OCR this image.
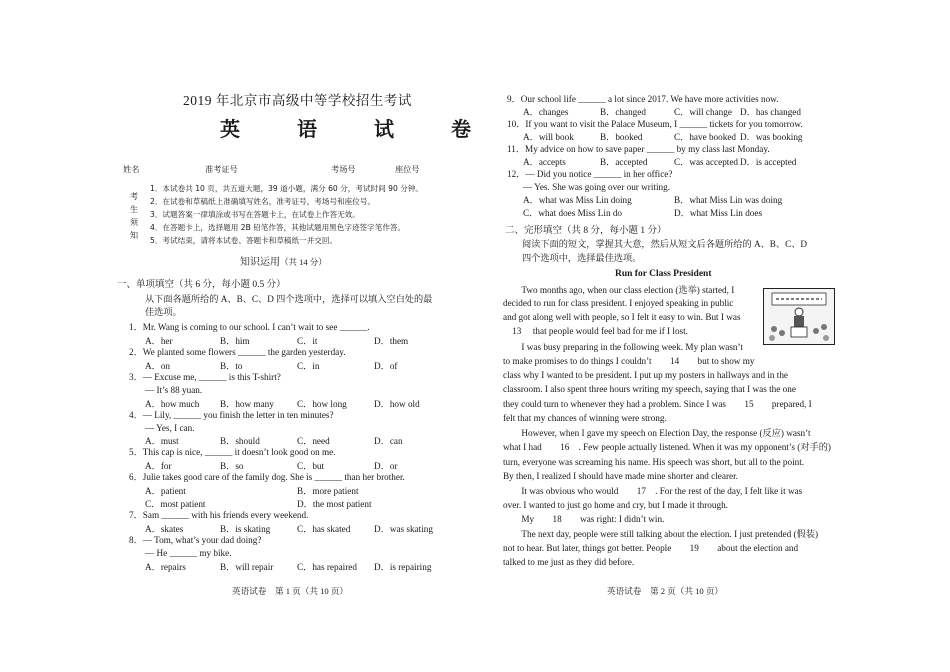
2019 年北京市高级中等学校招生考试
英 语 试 卷
姓名	准考证号	考场号	座位号
考生须知
1．本试卷共 10 页，共五道大题，39 道小题，满分 60 分，考试时间 90 分钟。
2．在试卷和草稿纸上准确填写姓名，准考证号，考场号和座位号。
3．试题答案一律填涂或书写在答题卡上，在试卷上作答无效。
4．在答题卡上，选择题用 2B 铅笔作答，其他试题用黑色字迹签字笔作答。
5．考试结束，请将本试卷、答题卡和草稿纸一并交回。
知识运用（共 14 分）
一、单项填空（共 6 分，每小题 0.5 分）
从下面各题所给的 A、B、C、D 四个选项中，选择可以填入空白处的最
佳选项。
1．Mr. Wang is coming to our school. I can’t wait to see ______.
A．her	B．him	C．it	D．them
2．We planted some flowers ______ the garden yesterday.
A．on	B．to	C．in	D．of
3．— Excuse me, ______ is this T-shirt?
— It’s 88 yuan.
A．how much B．how many	C．how long	D．how old
4．— Lily, ______ you finish the letter in ten minutes?
— Yes, I can.
A．must	B．should	C．need	D．can
5．This cap is nice, ______ it doesn’t look good on me.
A．for	B．so	C．but	D．or
6．Julie takes good care of the family dog. She is ______ than her brother.
A．patient	B．more patient
C．most patient	D．the most patient
7．Sam ______ with his friends every weekend.
A．skates	B．is skating	C．has skated	D．was skating
8．— Tom, what’s your dad doing?
— He ______ my bike.
A．repairs	B．will repair	C．has repaired D．is repairing
英语试卷　第 1 页（共 10 页）
9．Our school life ______ a lot since 2017. We have more activities now.
A．changes	B．changed	C．will change D．has changed
10．If you want to visit the Palace Museum, I ______ tickets for you tomorrow.
A．will book	B．booked	C．have booked D．was booking
11．My advice on how to save paper ______ by my class last Monday.
A．accepts	B．accepted	C．was accepted D．is accepted
12．— Did you notice ______ in her office?
— Yes. She was going over our writing.
A．what was Miss Lin doing	B．what Miss Lin was doing
C．what does Miss Lin do	D．what Miss Lin does
二、完形填空（共 8 分，每小题 1 分）
阅读下面的短文，掌握其大意，然后从短文后各题所给的 A、B、C、D
四个选项中，选择最佳选项。
Run for Class President
　　Two months ago, when our class election (选举) started, I
decided to run for class president. I enjoyed speaking in public
and got along well with people, so I felt it easy to win. But I was
　13　 that people would feel bad for me if I lost.
　　I was busy preparing in the following week. My plan wasn’t
to make promises to do things I couldn’t　　14　　but to show my
class why I wanted to be president. I put up my posters in hallways and in the
classroom. I also spent three hours writing my speech, saying that I was the one
they could turn to whenever they had a problem. Since I was　　15　　prepared, I
felt that my chances of winning were strong.
　　However, when I gave my speech on Election Day, the response (反应) wasn’t
what I had　　16　. Few people actually listened. When it was my opponent’s (对手的)
turn, everyone was screaming his name. His speech was short, but all to the point.
By then, I realized I should have made mine shorter and clearer.
　　It was obvious who would　　17　. For the rest of the day, I felt like it was
over. I wanted to just go home and cry, but I made it through.
　　My　　18　　was right: I didn’t win.
　　The next day, people were still talking about the election. I just pretended (假装)
not to hear. But later, things got better. People　　19　　about the election and
talked to me just as they did before.
英语试卷　第 2 页（共 10 页）
